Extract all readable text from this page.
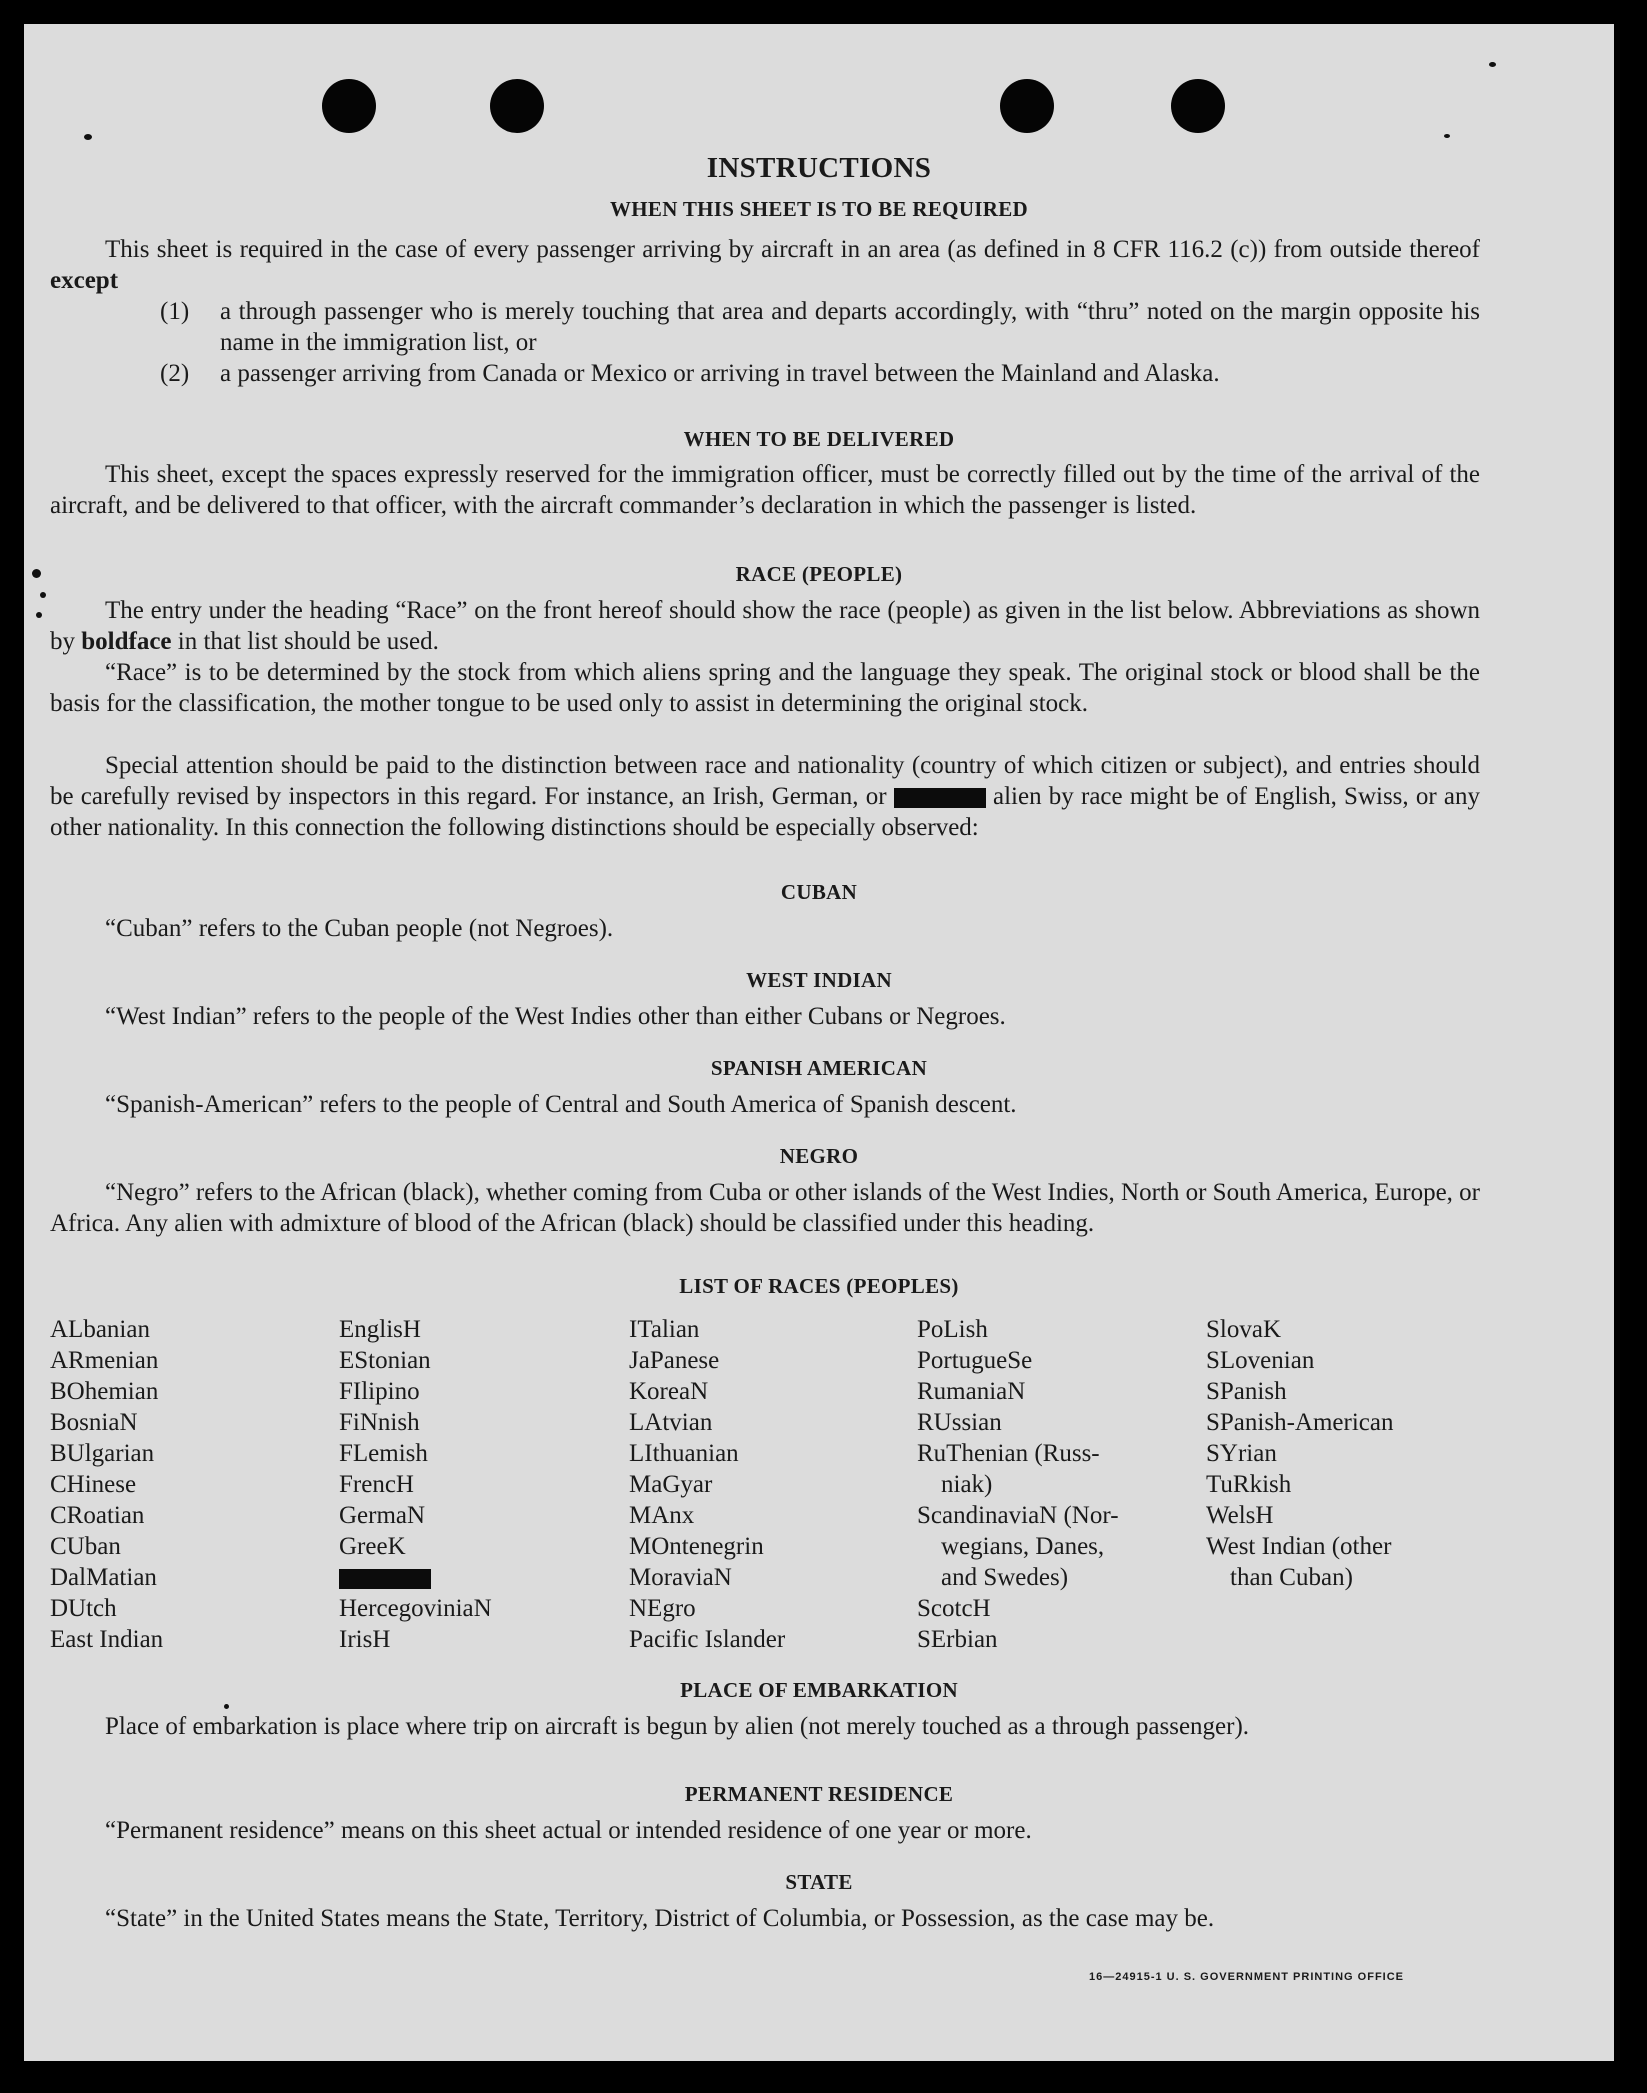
INSTRUCTIONS
WHEN THIS SHEET IS TO BE REQUIRED
This sheet is required in the case of every passenger arriving by aircraft in an area (as defined in 8 CFR 116.2 (c)) from outside thereof except
(1) a through passenger who is merely touching that area and departs accordingly, with “thru” noted on the margin opposite his name in the immigration list, or
(2) a passenger arriving from Canada or Mexico or arriving in travel between the Mainland and Alaska.
WHEN TO BE DELIVERED
This sheet, except the spaces expressly reserved for the immigration officer, must be correctly filled out by the time of the arrival of the aircraft, and be delivered to that officer, with the aircraft commander’s declaration in which the passenger is listed.
RACE (PEOPLE)
The entry under the heading “Race” on the front hereof should show the race (people) as given in the list below. Abbreviations as shown by boldface in that list should be used.
“Race” is to be determined by the stock from which aliens spring and the language they speak. The original stock or blood shall be the basis for the classification, the mother tongue to be used only to assist in determining the original stock.
Special attention should be paid to the distinction between race and nationality (country of which citizen or subject), and entries should be carefully revised by inspectors in this regard. For instance, an Irish, German, or	alien by race might be of English, Swiss, or any other nationality. In this connection the following distinctions should be especially observed:
CUBAN
“Cuban” refers to the Cuban people (not Negroes).
WEST INDIAN
“West Indian” refers to the people of the West Indies other than either Cubans or Negroes.
SPANISH AMERICAN
“Spanish-American” refers to the people of Central and South America of Spanish descent.
NEGRO
“Negro” refers to the African (black), whether coming from Cuba or other islands of the West Indies, North or South America, Europe, or Africa. Any alien with admixture of blood of the African (black) should be classified under this heading.
LIST OF RACES (PEOPLES)
ALbanian
ARmenian
BOhemian
BosniaN
BUlgarian
CHinese
CRoatian
CUban
DalMatian
DUtch
East Indian
EnglisH
EStonian
FIlipino
FiNnish
FLemish
FrencH
GermaN
GreeK
HercegoviniaN
IrisH
ITalian
JaPanese
KoreaN
LAtvian
LIthuanian
MaGyar
MAnx
MOntenegrin
MoraviaN
NEgro
Pacific Islander
PoLish
PortugueSe
RumaniaN
RUssian
RuThenian (Russ-
niak)
ScandinaviaN (Nor-
wegians, Danes,
and Swedes)
ScotcH
SErbian
SlovaK
SLovenian
SPanish
SPanish-American
SYrian
TuRkish
WelsH
West Indian (other
than Cuban)
PLACE OF EMBARKATION
Place of embarkation is place where trip on aircraft is begun by alien (not merely touched as a through passenger).
PERMANENT RESIDENCE
“Permanent residence” means on this sheet actual or intended residence of one year or more.
STATE
“State” in the United States means the State, Territory, District of Columbia, or Possession, as the case may be.
16—24915-1 U. S. GOVERNMENT PRINTING OFFICE
